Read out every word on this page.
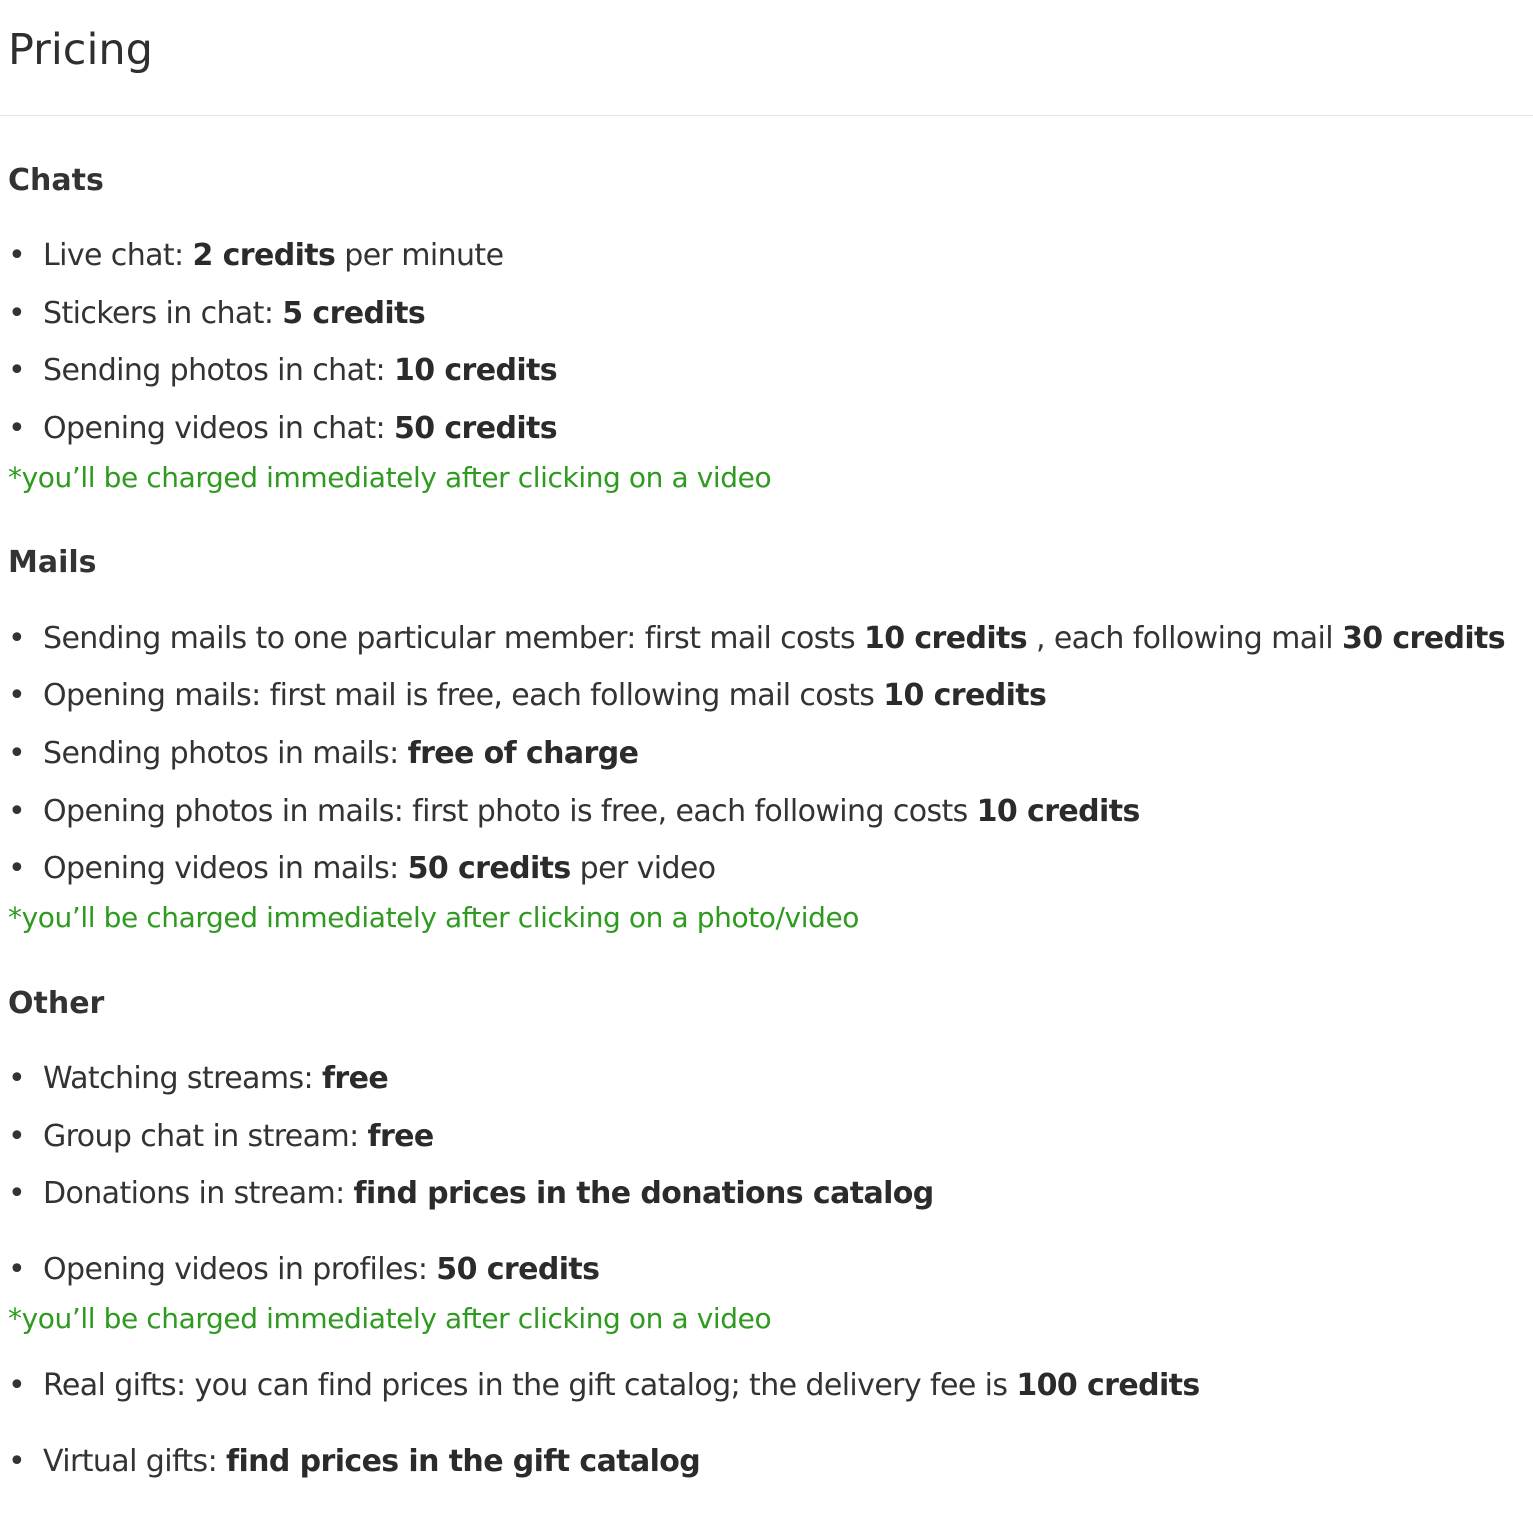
Pricing
Chats
• Live chat: 2 credits per minute
• Stickers in chat: 5 credits
• Sending photos in chat: 10 credits
• Opening videos in chat: 50 credits
*you’ll be charged immediately after clicking on a video
Mails
• Sending mails to one particular member: first mail costs 10 credits , each following mail 30 credits
• Opening mails: first mail is free, each following mail costs 10 credits
• Sending photos in mails: free of charge
• Opening photos in mails: first photo is free, each following costs 10 credits
• Opening videos in mails: 50 credits per video
*you’ll be charged immediately after clicking on a photo/video
Other
• Watching streams: free
• Group chat in stream: free
• Donations in stream: find prices in the donations catalog
• Opening videos in profiles: 50 credits
*you’ll be charged immediately after clicking on a video
• Real gifts: you can find prices in the gift catalog; the delivery fee is 100 credits
• Virtual gifts: find prices in the gift catalog
